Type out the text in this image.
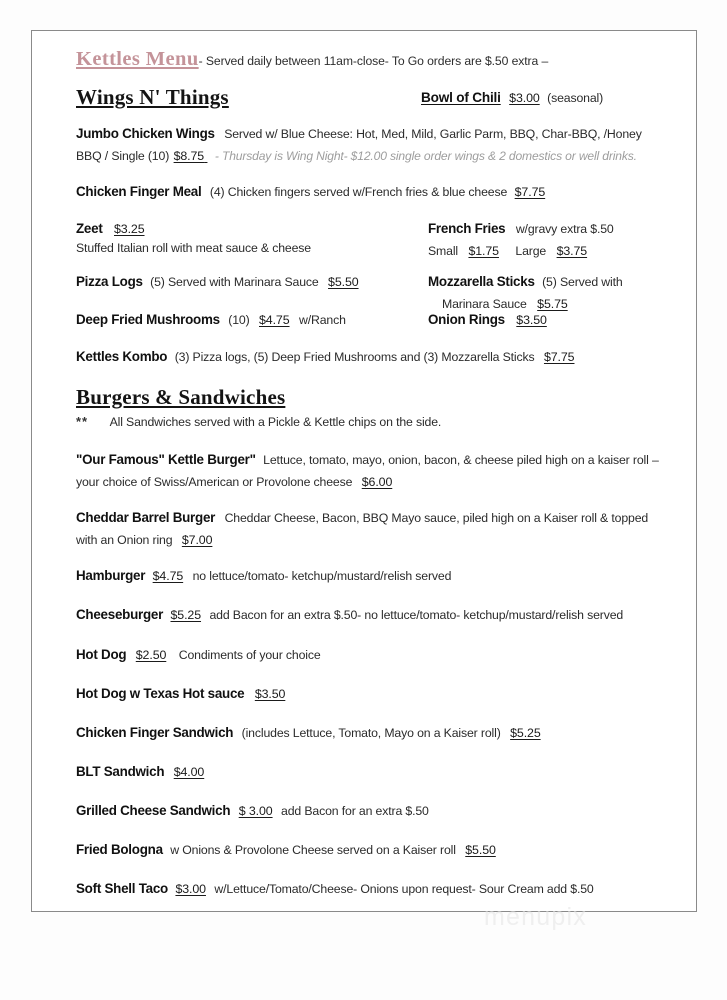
Kettles Menu- Served daily between 11am-close- To Go orders are $.50 extra –
Wings N' Things	Bowl of Chili $3.00 (seasonal)
Jumbo Chicken Wings Served w/ Blue Cheese: Hot, Med, Mild, Garlic Parm, BBQ, Char-BBQ, /Honey BBQ / Single (10) $8.75 - Thursday is Wing Night- $12.00 single order wings & 2 domestics or well drinks.
Chicken Finger Meal (4) Chicken fingers served w/French fries & blue cheese $7.75
Zeet $3.25
Stuffed Italian roll with meat sauce & cheese
French Fries w/gravy extra $.50
Small $1.75 Large $3.75
Pizza Logs (5) Served with Marinara Sauce $5.50	Mozzarella Sticks (5) Served with
Marinara Sauce $5.75
Deep Fried Mushrooms (10) $4.75 w/Ranch	Onion Rings $3.50
Kettles Kombo (3) Pizza logs, (5) Deep Fried Mushrooms and (3) Mozzarella Sticks $7.75
Burgers & Sandwiches
** All Sandwiches served with a Pickle & Kettle chips on the side.
"Our Famous" Kettle Burger" Lettuce, tomato, mayo, onion, bacon, & cheese piled high on a kaiser roll – your choice of Swiss/American or Provolone cheese $6.00
Cheddar Barrel Burger Cheddar Cheese, Bacon, BBQ Mayo sauce, piled high on a Kaiser roll & topped with an Onion ring $7.00
Hamburger $4.75 no lettuce/tomato- ketchup/mustard/relish served
Cheeseburger $5.25 add Bacon for an extra $.50- no lettuce/tomato- ketchup/mustard/relish served
Hot Dog $2.50 Condiments of your choice
Hot Dog w Texas Hot sauce $3.50
Chicken Finger Sandwich (includes Lettuce, Tomato, Mayo on a Kaiser roll) $5.25
BLT Sandwich $4.00
Grilled Cheese Sandwich $ 3.00 add Bacon for an extra $.50
Fried Bologna w Onions & Provolone Cheese served on a Kaiser roll $5.50
Soft Shell Taco $3.00 w/Lettuce/Tomato/Cheese- Onions upon request- Sour Cream add $.50
menupix
